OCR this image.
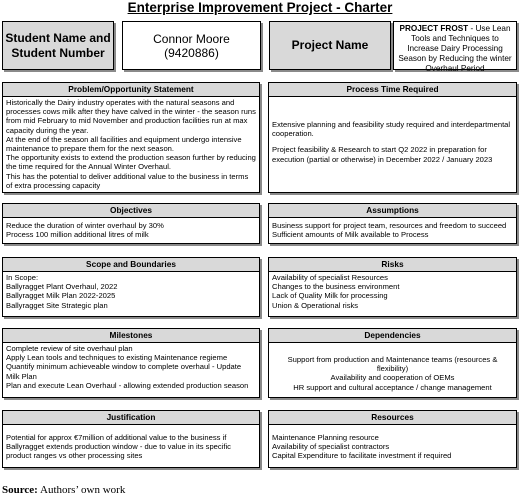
Enterprise Improvement Project - Charter
Student Name and Student Number
Connor Moore
(9420886)
Project Name
PROJECT FROST - Use Lean Tools and Techniques to Increase Dairy Processing Season by Reducing the winter Overhaul Period
Problem/Opportunity Statement
Historically the Dairy industry operates with the natural seasons and processes cows milk after they have calved in the winter - the season runs from mid February to mid November and production facilities run at max capacity during the year.
At the end of the season all facilities and equipment undergo intensive maintenance to prepare them for the next season.
The opportunity exists to extend the production season further by reducing the time required for the Annual Winter Overhaul.
This has the potential to deliver additional value to the business in terms of extra processing capacity
Process Time Required
Extensive planning and feasibility study required and interdepartmental cooperation.
Project feasibility & Research to start Q2 2022 in preparation for execution (partial or otherwise) in December 2022 / January 2023
Objectives
Reduce the duration of winter overhaul by 30%
Process 100 million additional litres of milk
Assumptions
Business support for project team, resources and freedom to succeed
Sufficient amounts of Milk available to Process
Scope and Boundaries
In Scope:
Ballyragget Plant Overhaul, 2022
Ballyragget Milk Plan 2022-2025
Ballyragget Site Strategic plan
Risks
Availability of specialist Resources
Changes to the business environment
Lack of Quality Milk for processing
Union & Operational risks
Milestones
Complete review of site overhaul plan
Apply Lean tools and techniques to existing Maintenance regieme
Quantify minimum achieveable window to complete overhaul - Update Milk Plan
Plan and execute Lean Overhaul - allowing extended production season
Dependencies
Support from production and Maintenance teams (resources & flexibility)
Availability and cooperation of OEMs
HR support and cultural acceptance / change management
Justification
Potential for approx €7million of additional value to the business if Ballyragget extends production window - due to value in its specific product ranges vs other processing sites
Resources
Maintenance Planning resource
Availability of specialist contractors
Capital Expenditure to facilitate investment if required
Source: Authors’ own work
